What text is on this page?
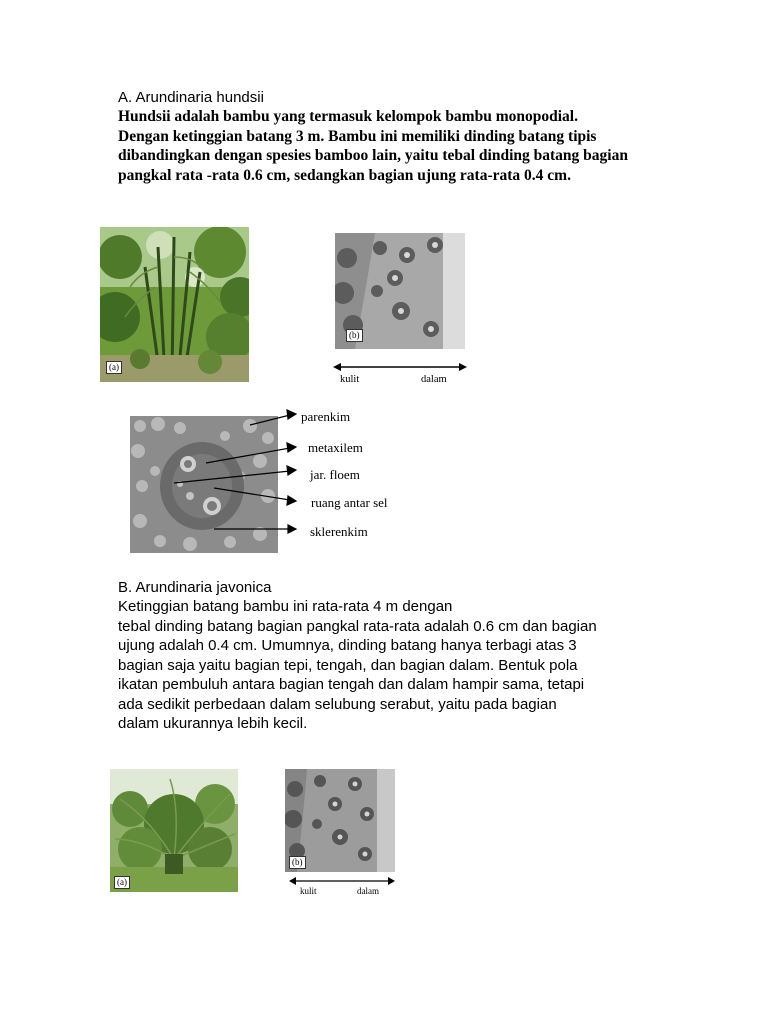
A. Arundinaria hundsii
Hundsii adalah bambu yang termasuk kelompok bambu monopodial.
Dengan ketinggian batang 3 m. Bambu ini memiliki dinding batang tipis
dibandingkan dengan spesies bamboo lain, yaitu tebal dinding batang bagian
pangkal rata -rata 0.6 cm, sedangkan bagian ujung rata-rata 0.4 cm.
(a)
(b)
kulit	dalam
parenkim
metaxilem
jar. floem
ruang antar sel
sklerenkim
B. Arundinaria javonica
Ketinggian batang bambu ini rata-rata 4 m dengan
tebal dinding batang bagian pangkal rata-rata adalah 0.6 cm dan bagian
ujung adalah 0.4 cm. Umumnya, dinding batang hanya terbagi atas 3
bagian saja yaitu bagian tepi, tengah, dan bagian dalam. Bentuk pola
ikatan pembuluh antara bagian tengah dan dalam hampir sama, tetapi
ada sedikit perbedaan dalam selubung serabut, yaitu pada bagian
dalam ukurannya lebih kecil.
(a)
(b)
kulit	dalam
